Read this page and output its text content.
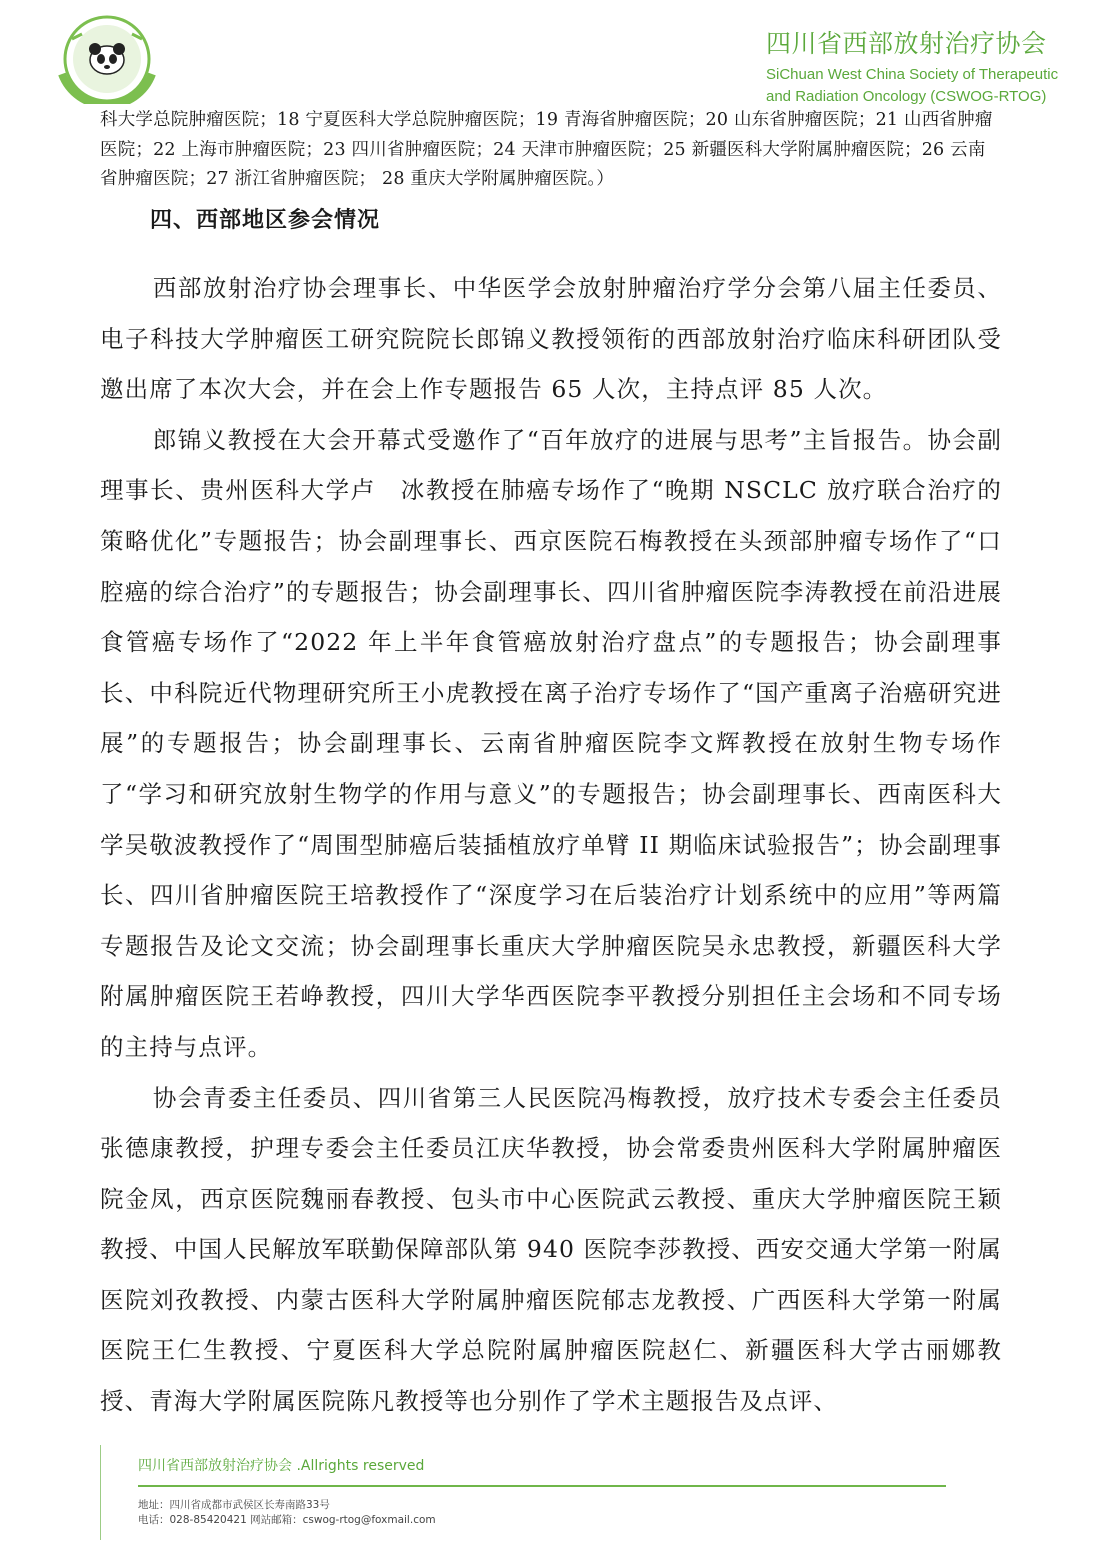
四川省西部放射治疗协会
SiChuan West China Society of Therapeutic
and Radiation Oncology (CSWOG-RTOG)
科大学总院肿瘤医院；18 宁夏医科大学总院肿瘤医院；19 青海省肿瘤医院；20 山东省肿瘤医院；21 山西省肿瘤医院；22 上海市肿瘤医院；23 四川省肿瘤医院；24 天津市肿瘤医院；25 新疆医科大学附属肿瘤医院；26 云南省肿瘤医院；27 浙江省肿瘤医院； 28 重庆大学附属肿瘤医院。）
四、西部地区参会情况

西部放射治疗协会理事长、中华医学会放射肿瘤治疗学分会第八届主任委员、电子科技大学肿瘤医工研究院院长郎锦义教授领衔的西部放射治疗临床科研团队受邀出席了本次大会，并在会上作专题报告 65 人次，主持点评 85 人次。

郎锦义教授在大会开幕式受邀作了“百年放疗的进展与思考”主旨报告。协会副理事长、贵州医科大学卢　冰教授在肺癌专场作了“晚期 NSCLC 放疗联合治疗的策略优化”专题报告；协会副理事长、西京医院石梅教授在头颈部肿瘤专场作了“口腔癌的综合治疗”的专题报告；协会副理事长、四川省肿瘤医院李涛教授在前沿进展食管癌专场作了“2022 年上半年食管癌放射治疗盘点”的专题报告；协会副理事长、中科院近代物理研究所王小虎教授在离子治疗专场作了“国产重离子治癌研究进展”的专题报告；协会副理事长、云南省肿瘤医院李文辉教授在放射生物专场作了“学习和研究放射生物学的作用与意义”的专题报告；协会副理事长、西南医科大学吴敬波教授作了“周围型肺癌后装插植放疗单臂 II 期临床试验报告”；协会副理事长、四川省肿瘤医院王培教授作了“深度学习在后装治疗计划系统中的应用”等两篇专题报告及论文交流；协会副理事长重庆大学肿瘤医院吴永忠教授，新疆医科大学附属肿瘤医院王若峥教授，四川大学华西医院李平教授分别担任主会场和不同专场的主持与点评。

协会青委主任委员、四川省第三人民医院冯梅教授，放疗技术专委会主任委员张德康教授，护理专委会主任委员江庆华教授，协会常委贵州医科大学附属肿瘤医院金凤，西京医院魏丽春教授、包头市中心医院武云教授、重庆大学肿瘤医院王颖教授、中国人民解放军联勤保障部队第 940 医院李莎教授、西安交通大学第一附属医院刘孜教授、内蒙古医科大学附属肿瘤医院郁志龙教授、广西医科大学第一附属医院王仁生教授、宁夏医科大学总院附属肿瘤医院赵仁、新疆医科大学古丽娜教授、青海大学附属医院陈凡教授等也分别作了学术主题报告及点评、

四川省西部放射治疗协会 .Allrights reserved
地址：四川省成都市武侯区长寿南路33号
电话：028-85420421 网站邮箱：cswog-rtog@foxmail.com
